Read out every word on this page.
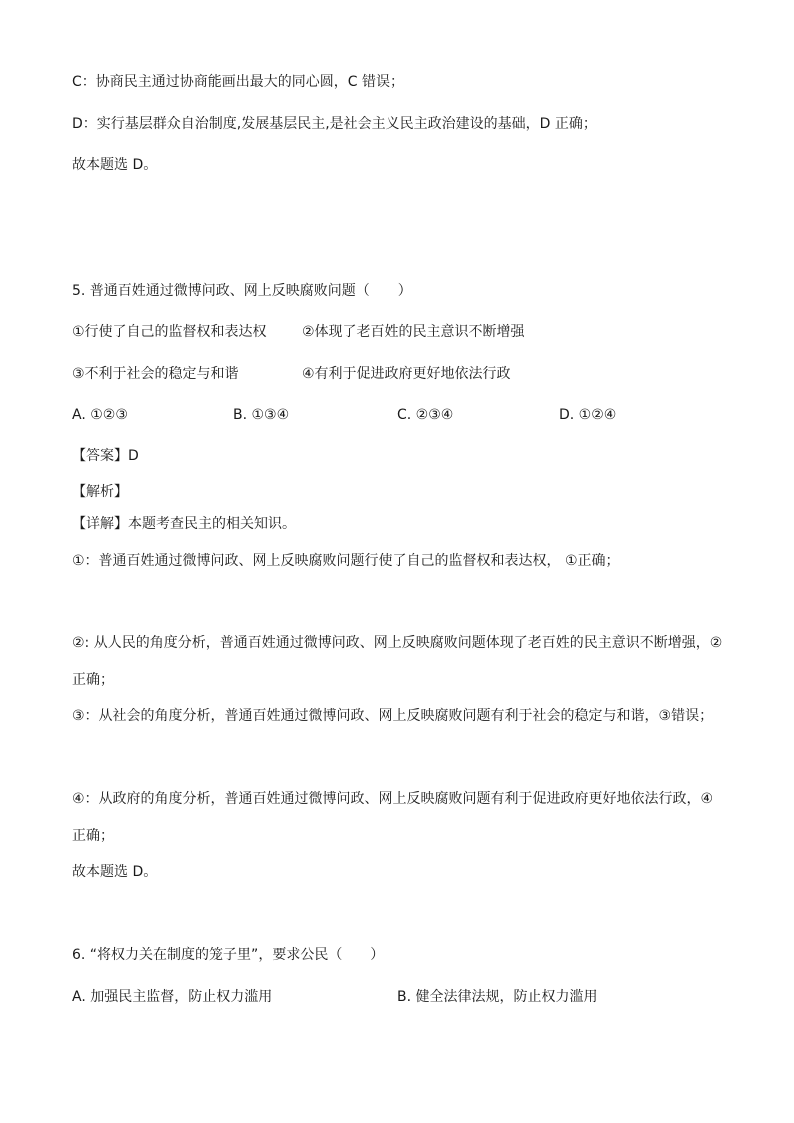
C：协商民主通过协商能画出最大的同心圆，C 错误；
D：实行基层群众自治制度,发展基层民主,是社会主义民主政治建设的基础，D 正确；
故本题选 D。
5. 普通百姓通过微博问政、网上反映腐败问题（　　）
①行使了自己的监督权和表达权	②体现了老百姓的民主意识不断增强
③不利于社会的稳定与和谐	④有利于促进政府更好地依法行政
A. ①②③	B. ①③④	C. ②③④	D. ①②④
【答案】D
【解析】
【详解】本题考查民主的相关知识。
①：普通百姓通过微博问政、网上反映腐败问题行使了自己的监督权和表达权， ①正确；
②: 从人民的角度分析，普通百姓通过微博问政、网上反映腐败问题体现了老百姓的民主意识不断增强，②
正确；
③：从社会的角度分析，普通百姓通过微博问政、网上反映腐败问题有利于社会的稳定与和谐，③错误；
④：从政府的角度分析，普通百姓通过微博问政、网上反映腐败问题有利于促进政府更好地依法行政，④
正确；
故本题选 D。
6. “将权力关在制度的笼子里”，要求公民（　　）
A. 加强民主监督，防止权力滥用	B. 健全法律法规，防止权力滥用
